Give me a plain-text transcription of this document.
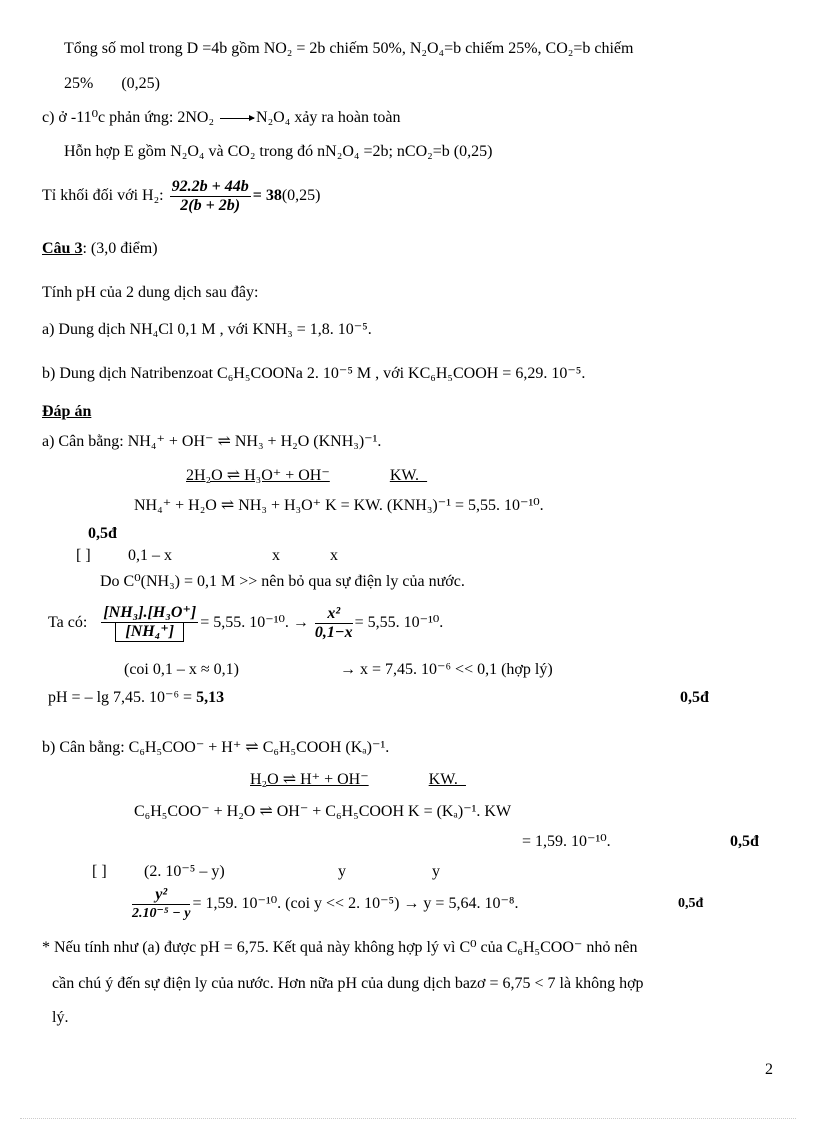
Tổng số mol trong D =4b gồm NO₂ = 2b chiếm 50%, N₂O₄=b chiếm 25%, CO₂=b chiếm
25% (0,25)
c) ở -11⁰c phản ứng: 2NO₂	N₂O₄ xảy ra hoàn toàn
Hỗn hợp E gồm N₂O₄ và CO₂ trong đó nN₂O₄ =2b; nCO₂=b (0,25)
Tỉ khối đối với H₂: $\frac{92.2b + 44b}{2(b + 2b)} = 38(0,25)$
Câu 3: (3,0 điểm)
Tính pH của 2 dung dịch sau đây:
a) Dung dịch NH₄Cl 0,1 M , với KNH₃ = 1,8. 10⁻⁵.
b) Dung dịch Natribenzoat C₆H₅COONa 2. 10⁻⁵ M , với KC₆H₅COOH = 6,29. 10⁻⁵.
Đáp án
a) Cân bằng: NH₄⁺ + OH⁻ ⇌ NH₃ + H₂O (KNH₃)⁻¹.
2H₂O ⇌ H₃O⁺ + OH⁻	KW._
NH₄⁺ + H₂O ⇌ NH₃ + H₃O⁺ K = KW. (KNH₃)⁻¹ = 5,55. 10⁻¹⁰.
0,5đ
[ ] 0,1 – x	x	x
Do C⁰(NH₃) = 0,1 M >> nên bỏ qua sự điện ly của nước.
Ta có: $\frac{\text{[NH₃].[H₃O⁺]}}{\text{[NH₄⁺]}} = 5,55$. 10⁻¹⁰. → $\frac{\text{x²}}{0,1-x} = 5,55$. 10⁻¹⁰.
(coi 0,1 – x ≈ 0,1)	→ x = 7,45. 10⁻⁶ << 0,1 (hợp lý)
pH = – lg 7,45. 10⁻⁶ = 5,13	0,5đ
b) Cân bằng: C₆H₅COO⁻ + H⁺ ⇌ C₆H₅COOH (Kₐ)⁻¹.
H₂O ⇌ H⁺ + OH⁻	KW._
C₆H₅COO⁻ + H₂O ⇌ OH⁻ + C₆H₅COOH K = (Kₐ)⁻¹. KW
= 1,59. 10⁻¹⁰.	0,5đ
[ ] (2. 10⁻⁵ – y)	y	y
$\frac{\text{y²}}{\text{2.10⁻⁵ − y}} = 1,59$. 10⁻¹⁰. (coi y << 2. 10⁻⁵) → y = 5,64. 10⁻⁸.	0,5đ
* Nếu tính như (a) được pH = 6,75. Kết quả này không hợp lý vì C⁰ của C₆H₅COO⁻ nhỏ nên
cần chú ý đến sự điện ly của nước. Hơn nữa pH của dung dịch bazơ = 6,75 < 7 là không hợp
lý.
2
